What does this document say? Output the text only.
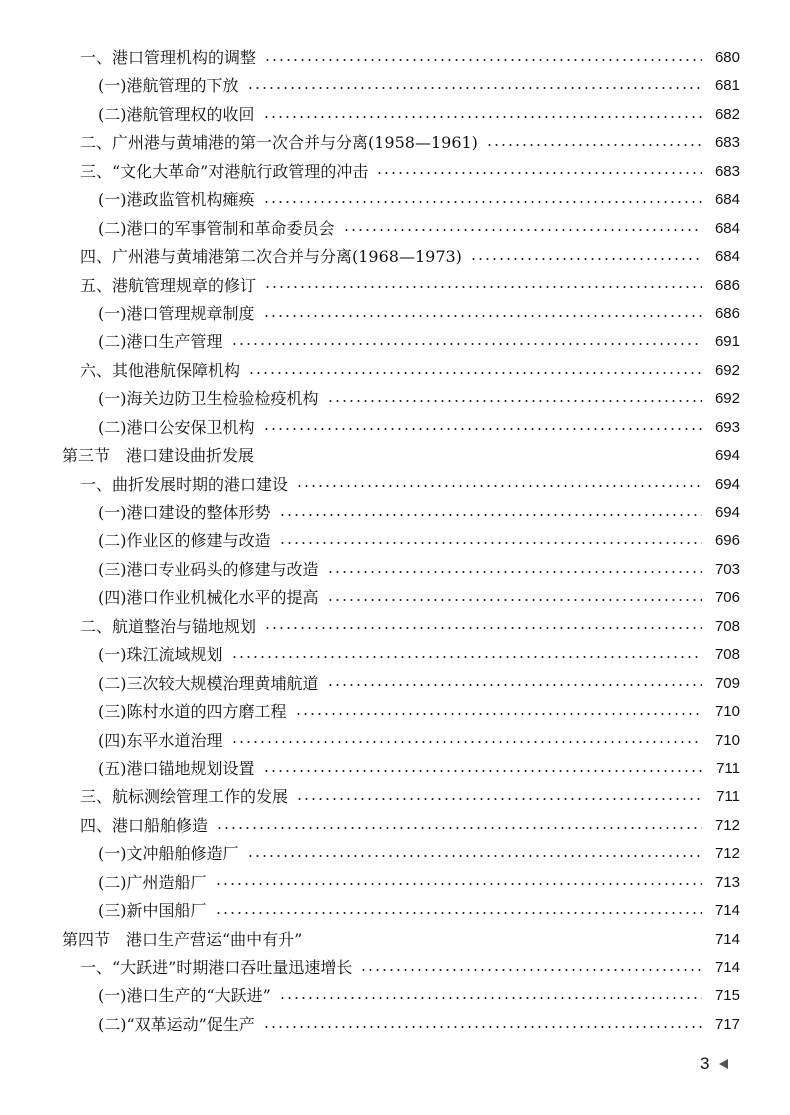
一、港口管理机构的调整	680
(一)港航管理的下放	681
(二)港航管理权的收回	682
二、广州港与黄埔港的第一次合并与分离(1958—1961)	683
三、“文化大革命”对港航行政管理的冲击	683
(一)港政监管机构瘫痪	684
(二)港口的军事管制和革命委员会	684
四、广州港与黄埔港第二次合并与分离(1968—1973)	684
五、港航管理规章的修订	686
(一)港口管理规章制度	686
(二)港口生产管理	691
六、其他港航保障机构	692
(一)海关边防卫生检验检疫机构	692
(二)港口公安保卫机构	693
第三节　港口建设曲折发展	694
一、曲折发展时期的港口建设	694
(一)港口建设的整体形势	694
(二)作业区的修建与改造	696
(三)港口专业码头的修建与改造	703
(四)港口作业机械化水平的提高	706
二、航道整治与锚地规划	708
(一)珠江流域规划	708
(二)三次较大规模治理黄埔航道	709
(三)陈村水道的四方磨工程	710
(四)东平水道治理	710
(五)港口锚地规划设置	711
三、航标测绘管理工作的发展	711
四、港口船舶修造	712
(一)文冲船舶修造厂	712
(二)广州造船厂	713
(三)新中国船厂	714
第四节　港口生产营运“曲中有升”	714
一、“大跃进”时期港口吞吐量迅速增长	714
(一)港口生产的“大跃进”	715
(二)“双革运动”促生产	717
3
